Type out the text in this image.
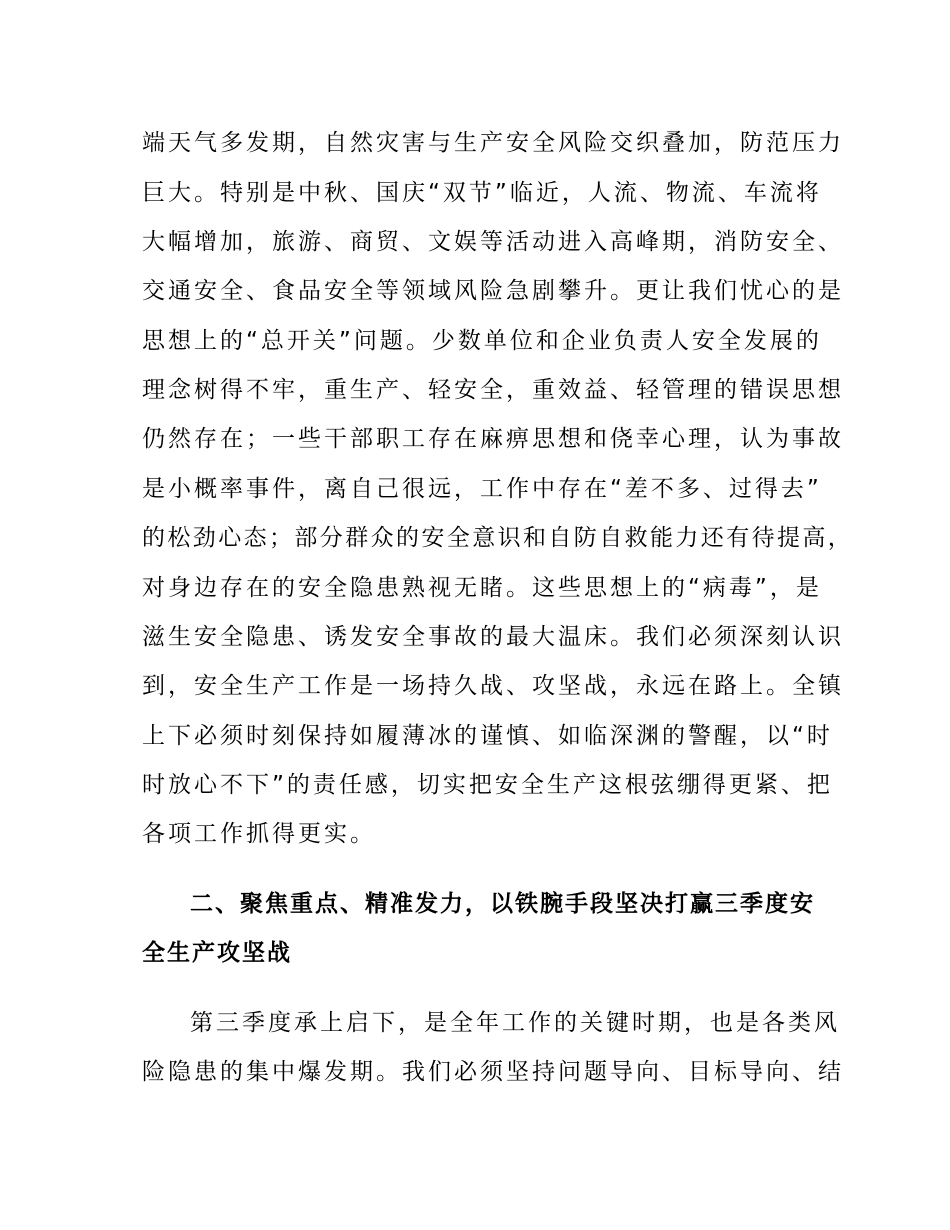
端天气多发期，自然灾害与生产安全风险交织叠加，防范压力
巨大。特别是中秋、国庆“双节”临近，人流、物流、车流将
大幅增加，旅游、商贸、文娱等活动进入高峰期，消防安全、
交通安全、食品安全等领域风险急剧攀升。更让我们忧心的是
思想上的“总开关”问题。少数单位和企业负责人安全发展的
理念树得不牢，重生产、轻安全，重效益、轻管理的错误思想
仍然存在；一些干部职工存在麻痹思想和侥幸心理，认为事故
是小概率事件，离自己很远，工作中存在“差不多、过得去”
的松劲心态；部分群众的安全意识和自防自救能力还有待提高，
对身边存在的安全隐患熟视无睹。这些思想上的“病毒”，是
滋生安全隐患、诱发安全事故的最大温床。我们必须深刻认识
到，安全生产工作是一场持久战、攻坚战，永远在路上。全镇
上下必须时刻保持如履薄冰的谨慎、如临深渊的警醒，以“时
时放心不下”的责任感，切实把安全生产这根弦绷得更紧、把
各项工作抓得更实。
二、聚焦重点、精准发力，以铁腕手段坚决打赢三季度安
全生产攻坚战
第三季度承上启下，是全年工作的关键时期，也是各类风
险隐患的集中爆发期。我们必须坚持问题导向、目标导向、结
